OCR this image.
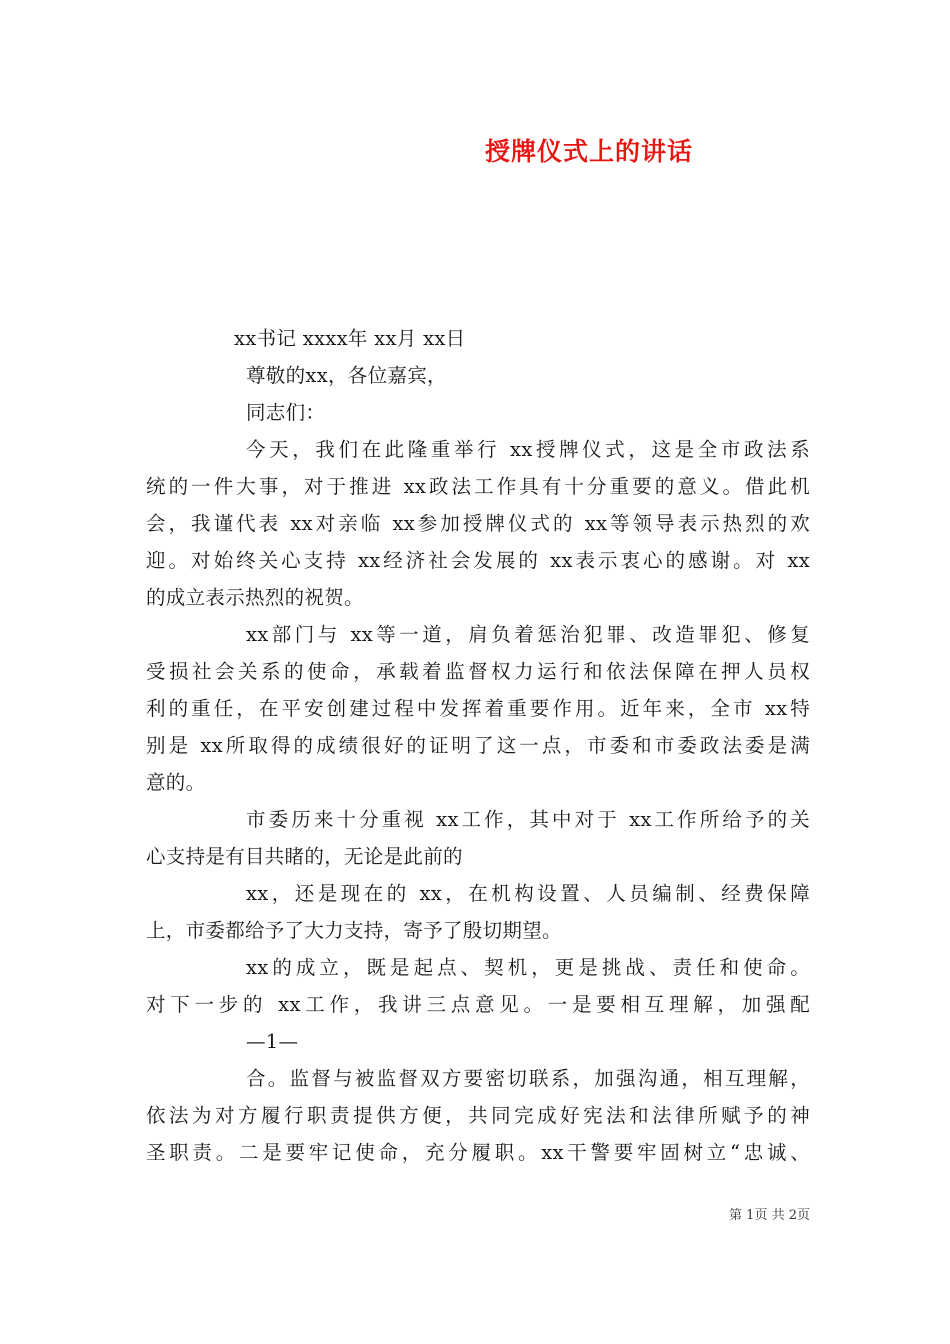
授牌仪式上的讲话
xx书记 xxxx年 xx月 xx日
尊敬的xx，各位嘉宾，
同志们：
今天，我们在此隆重举行 xx授牌仪式，这是全市政法系
统的一件大事，对于推进 xx政法工作具有十分重要的意义。借此机
会，我谨代表 xx对亲临 xx参加授牌仪式的 xx等领导表示热烈的欢
迎。对始终关心支持 xx经济社会发展的 xx表示衷心的感谢。对 xx
的成立表示热烈的祝贺。
xx部门与 xx等一道，肩负着惩治犯罪、改造罪犯、修复
受损社会关系的使命，承载着监督权力运行和依法保障在押人员权
利的重任，在平安创建过程中发挥着重要作用。近年来，全市 xx特
别是 xx所取得的成绩很好的证明了这一点，市委和市委政法委是满
意的。
市委历来十分重视 xx工作，其中对于 xx工作所给予的关
心支持是有目共睹的，无论是此前的
xx，还是现在的 xx，在机构设置、人员编制、经费保障
上，市委都给予了大力支持，寄予了殷切期望。
xx的成立，既是起点、契机，更是挑战、责任和使命。
对下一步的 xx工作，我讲三点意见。一是要相互理解，加强配
—1—
合。监督与被监督双方要密切联系，加强沟通，相互理解，
依法为对方履行职责提供方便，共同完成好宪法和法律所赋予的神
圣职责。二是要牢记使命，充分履职。xx干警要牢固树立“忠诚、
第 1页 共 2页
